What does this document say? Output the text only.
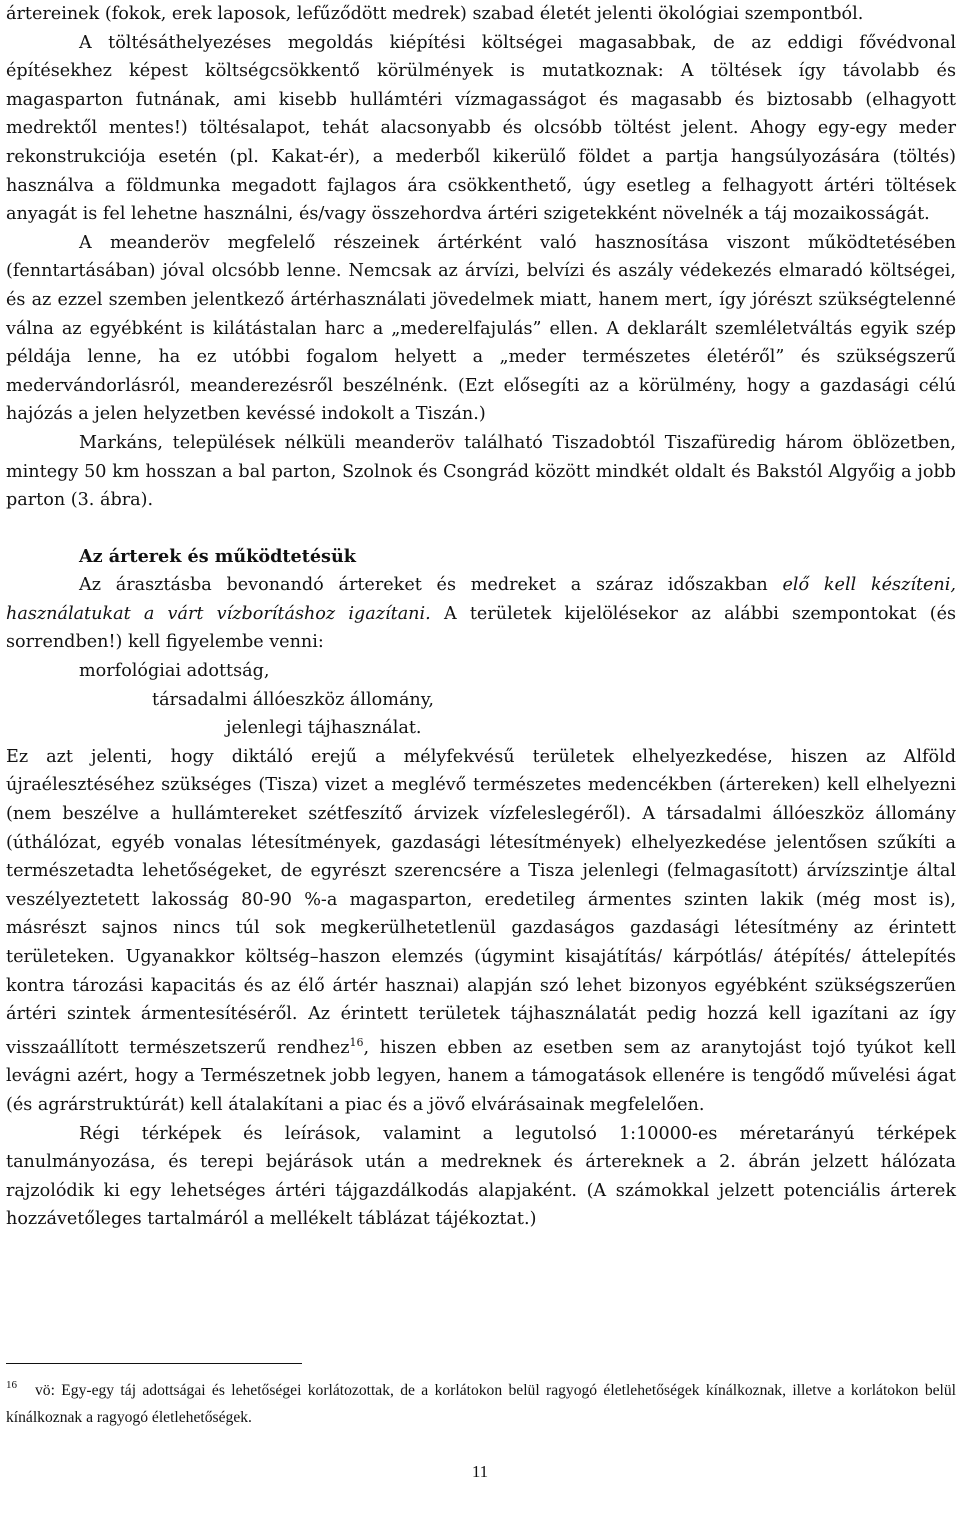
ártereinek (fokok, erek laposok, lefűződött medrek) szabad életét jelenti ökológiai szempontból.

A töltésáthelyezéses megoldás kiépítési költségei magasabbak, de az eddigi fővédvonal építésekhez képest költségcsökkentő körülmények is mutatkoznak: A töltések így távolabb és magasparton futnának, ami kisebb hullámtéri vízmagasságot és magasabb és biztosabb (elhagyott medrektől mentes!) töltésalapot, tehát alacsonyabb és olcsóbb töltést jelent. Ahogy egy-egy meder rekonstrukciója esetén (pl. Kakat-ér), a mederből kikerülő földet a partja hangsúlyozására (töltés) használva a földmunka megadott fajlagos ára csökkenthető, úgy esetleg a felhagyott ártéri töltések anyagát is fel lehetne használni, és/vagy összehordva ártéri szigetekként növelnék a táj mozaikosságát.

A meanderöv megfelelő részeinek ártérként való hasznosítása viszont működtetésében (fenntartásában) jóval olcsóbb lenne. Nemcsak az árvízi, belvízi és aszály védekezés elmaradó költségei, és az ezzel szemben jelentkező ártérhasználati jövedelmek miatt, hanem mert, így jórészt szükségtelenné válna az egyébként is kilátástalan harc a „mederelfajulás” ellen. A deklarált szemléletváltás egyik szép példája lenne, ha ez utóbbi fogalom helyett a „meder természetes életéről” és szükségszerű medervándorlásról, meanderezésről beszélnénk. (Ezt elősegíti az a körülmény, hogy a gazdasági célú hajózás a jelen helyzetben kevéssé indokolt a Tiszán.)

Markáns, települések nélküli meanderöv található Tiszadobtól Tiszafüredig három öblözetben, mintegy 50 km hosszan a bal parton, Szolnok és Csongrád között mindkét oldalt és Bakstól Algyőig a jobb parton (3. ábra).

Az árterek és működtetésük

Az árasztásba bevonandó ártereket és medreket a száraz időszakban elő kell készíteni, használatukat a várt vízborításhoz igazítani. A területek kijelölésekor az alábbi szempontokat (és sorrendben!) kell figyelembe venni:

morfológiai adottság,
társadalmi állóeszköz állomány,
jelenlegi tájhasználat.

Ez azt jelenti, hogy diktáló erejű a mélyfekvésű területek elhelyezkedése, hiszen az Alföld újraélesztéséhez szükséges (Tisza) vizet a meglévő természetes medencékben (ártereken) kell elhelyezni (nem beszélve a hullámtereket szétfeszítő árvizek vízfeleslegéről). A társadalmi állóeszköz állomány (úthálózat, egyéb vonalas létesítmények, gazdasági létesítmények) elhelyezkedése jelentősen szűkíti a természetadta lehetőségeket, de egyrészt szerencsére a Tisza jelenlegi (felmagasított) árvízszintje által veszélyeztetett lakosság 80-90 %-a magasparton, eredetileg ármentes szinten lakik (még most is), másrészt sajnos nincs túl sok megkerülhetetlenül gazdaságos gazdasági létesítmény az érintett területeken. Ugyanakkor költség–haszon elemzés (úgymint kisajátítás/ kárpótlás/ átépítés/ áttelepítés kontra tározási kapacitás és az élő ártér hasznai) alapján szó lehet bizonyos egyébként szükségszerűen ártéri szintek ármentesítéséről. Az érintett területek tájhasználatát pedig hozzá kell igazítani az így visszaállított természetszerű rendhez$^{16}$, hiszen ebben az esetben sem az aranytojást tojó tyúkot kell levágni azért, hogy a Természetnek jobb legyen, hanem a támogatások ellenére is tengődő művelési ágat (és agrárstruktúrát) kell átalakítani a piac és a jövő elvárásainak megfelelően.

Régi térképek és leírások, valamint a legutolsó 1:10000-es méretarányú térképek tanulmányozása, és terepi bejárások után a medreknek és ártereknek a 2. ábrán jelzett hálózata rajzolódik ki egy lehetséges ártéri tájgazdálkodás alapjaként. (A számokkal jelzett potenciális árterek hozzávetőleges tartalmáról a mellékelt táblázat tájékoztat.)

$^{16}$ vö: Egy-egy táj adottságai és lehetőségei korlátozottak, de a korlátokon belül ragyogó életlehetőségek kínálkoznak, illetve a korlátokon belül kínálkoznak a ragyogó életlehetőségek.

11
